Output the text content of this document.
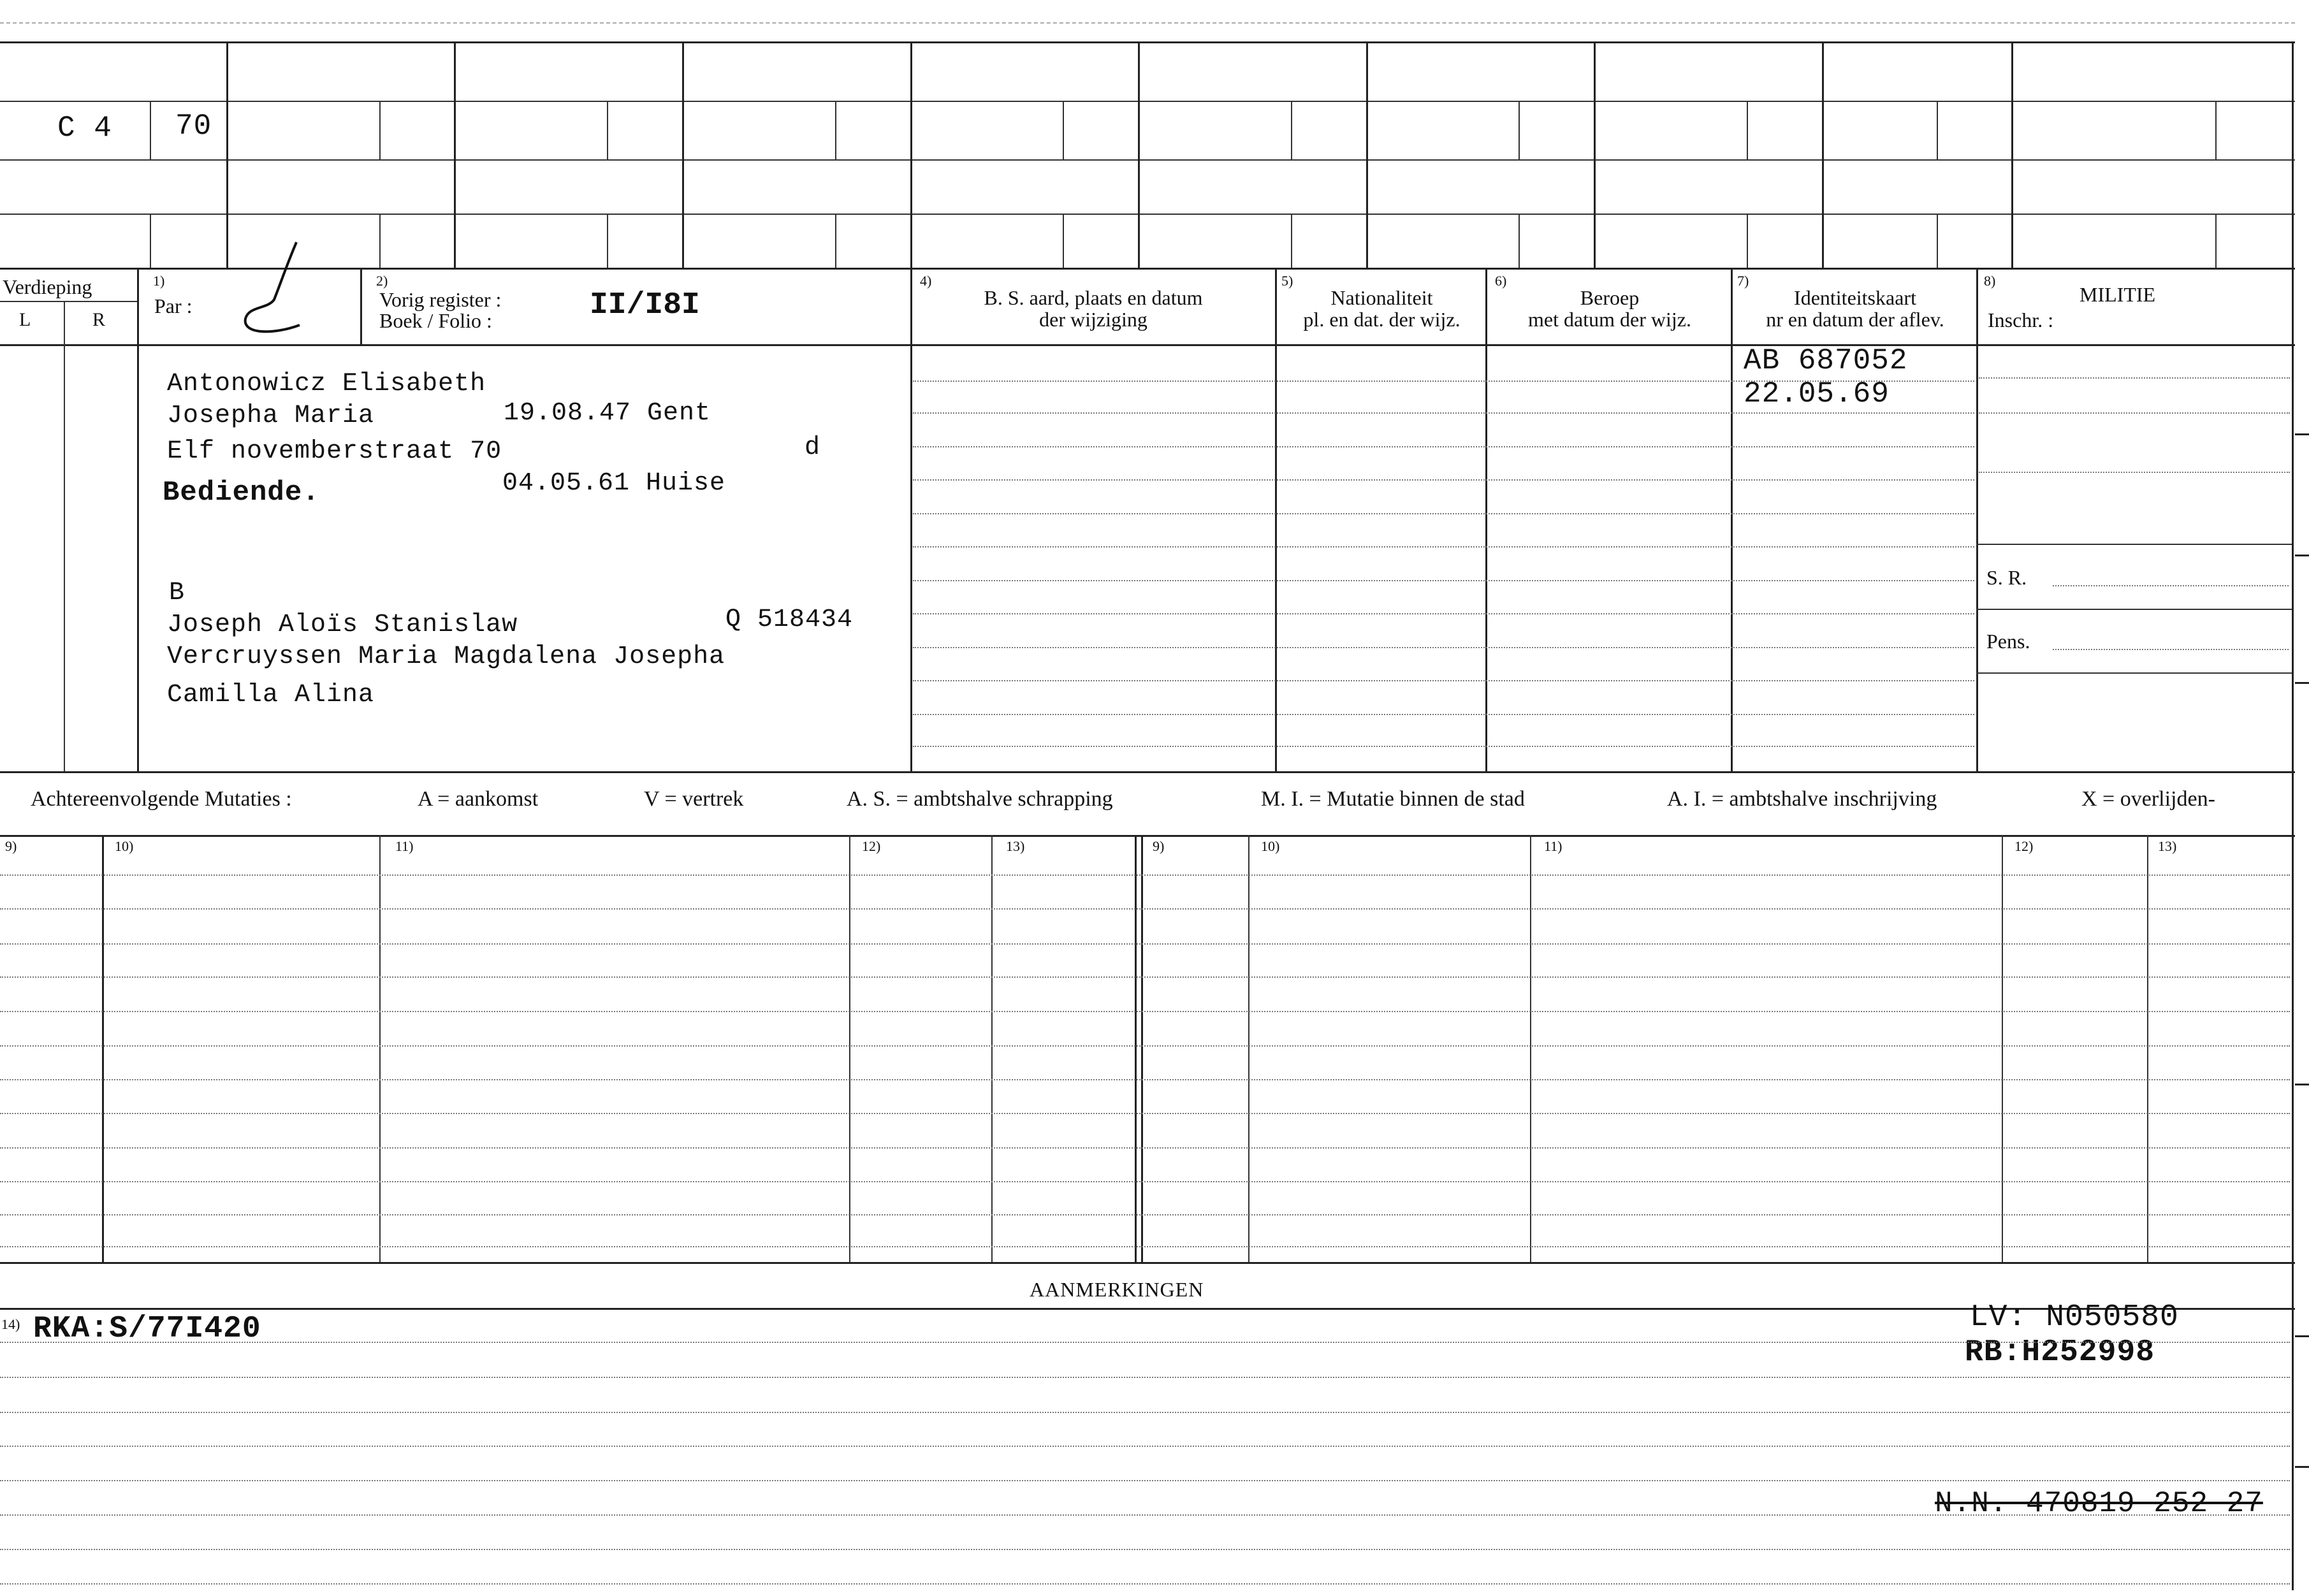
C 4 70
Verdieping
L	R
1)
Par :
2)
Vorig register :
Boek / Folio :	II/I8I
4)
B. S. aard, plaats en datum
der wijziging
5)
Nationaliteit
pl. en dat. der wijz.
6)
Beroep
met datum der wijz.
7)
Identiteitskaart
nr en datum der aflev.
8)
MILITIE
Inschr. :
Antonowicz Elisabeth
Josepha Maria	19.08.47 Gent
Elf novemberstraat 70	d
Bediende.	04.05.61 Huise
B
Joseph Aloïs Stanislaw	Q 518434
Vercruyssen Maria Magdalena Josepha
Camilla Alina
S. R.
Pens.
AB 687052
22.05.69
Achtereenvolgende Mutaties :	A = aankomst	V = vertrek	A. S. = ambtshalve schrapping	M. I. = Mutatie binnen de stad	A. I. = ambtshalve inschrijving	X = overlijden-
9)	10)	11)	12)	13)	9)	10)	11)	12)	13)
AANMERKINGEN
14) RKA:S/77I420	LV: N050580
RB:H252998
N.N. 470819 252 27
